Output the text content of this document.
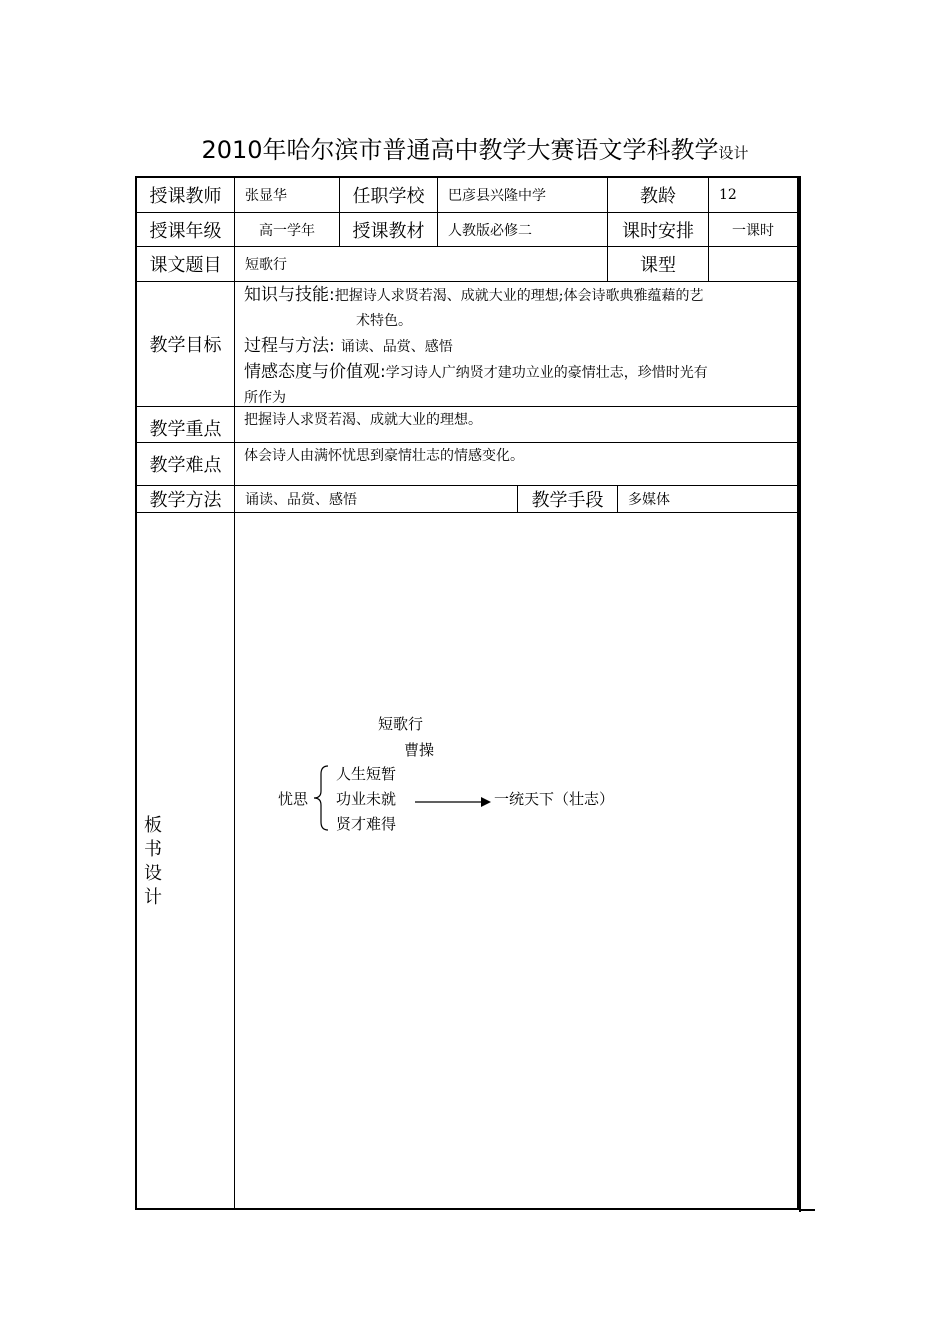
2010年哈尔滨市普通高中教学大赛语文学科教学设计
授课教师	张显华	任职学校	巴彦县兴隆中学	教龄	12
授课年级	高一学年	授课教材	人教版必修二	课时安排	一课时
课文题目	短歌行	课型
教学目标
知识与技能:把握诗人求贤若渴、成就大业的理想;体会诗歌典雅蕴藉的艺
术特色。
过程与方法: 诵读、品赏、感悟
情感态度与价值观:学习诗人广纳贤才建功立业的豪情壮志，珍惜时光有
所作为
教学重点	把握诗人求贤若渴、成就大业的理想。
教学难点	体会诗人由满怀忧思到豪情壮志的情感变化。
教学方法	诵读、品赏、感悟	教学手段	多媒体
板
书
设
计
短歌行
曹操
忧思
人生短暂
功业未就
贤才难得
一统天下（壮志）
